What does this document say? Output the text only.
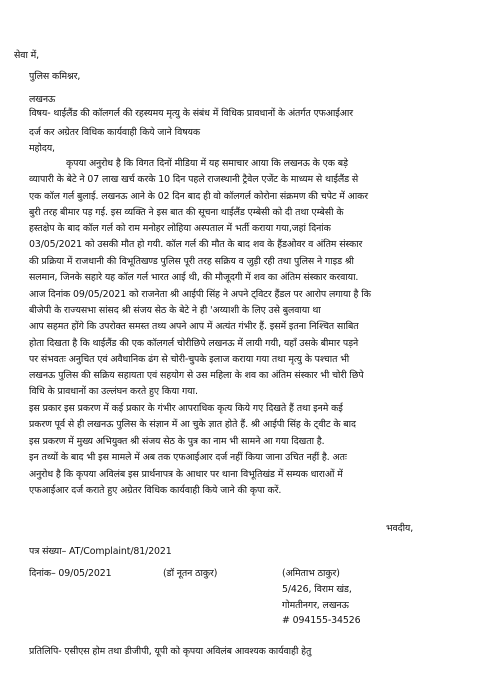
सेवा में,

पुलिस कमिश्नर,

लखनऊ

विषय- थाईलैंड की कॉलगर्ल की रहस्यमय मृत्यु के संबंध में विधिक प्रावधानों के अंतर्गत एफआईआर

दर्ज कर अग्रेतर विधिक कार्यवाही किये जाने विषयक

महोदय,

कृपया अनुरोध है कि विगत दिनों मीडिया में यह समाचार आया कि लखनऊ के एक बड़े

व्यापारी के बेटे ने 07 लाख खर्च करके 10 दिन पहले राजस्थानी ट्रैवेल एजेंट के माध्यम से थाईलैंड से

एक कॉल गर्ल बुलाई. लखनऊ आने के 02 दिन बाद ही वो कॉलगर्ल कोरोना संक्रमण की चपेट में आकर

बुरी तरह बीमार पड़ गई. इस व्यक्ति ने इस बात की सूचना थाईलैंड एम्बेसी को दी तथा एम्बेसी के

हस्तक्षेप के बाद कॉल गर्ल को राम मनोहर लोहिया अस्पताल में भर्ती कराया गया,जहां दिनांक

03/05/2021 को उसकी मौत हो गयी. कॉल गर्ल की मौत के बाद शव के हैंडओवर व अंतिम संस्कार

की प्रक्रिया में राजधानी की विभूतिखण्ड पुलिस पूरी तरह सक्रिय व जुड़ी रही तथा पुलिस ने गाइड श्री

सलमान, जिनके सहारे यह कॉल गर्ल भारत आई थी, की मौजूदगी में शव का अंतिम संस्कार करवाया.

आज दिनांक 09/05/2021 को राजनेता श्री आईपी सिंह ने अपने ट्विटर हैंडल पर आरोप लगाया है कि

बीजेपी के राज्यसभा सांसद श्री संजय सेठ के बेटे ने ही 'अय्याशी के लिए उसे बुलवाया था

आप सहमत होंगे कि उपरोक्त समस्त तथ्य अपने आप में अत्यंत गंभीर हैं. इसमें इतना निश्चित साबित

होता दिखता है कि थाईलैंड की एक कॉलगर्ल चोरीछिपे लखनऊ में लायी गयी, यहाँ उसके बीमार पड़ने

पर संभवतः अनुचित एवं अवैधानिक ढंग से चोरी-चुपके इलाज कराया गया तथा मृत्यु के पश्चात भी

लखनऊ पुलिस की सक्रिय सहायता एवं सहयोग से उस महिला के शव का अंतिम संस्कार भी चोरी छिपे

विधि के प्रावधानों का उल्लंघन करते हुए किया गया.

इस प्रकार इस प्रकरण में कई प्रकार के गंभीर आपराधिक कृत्य किये गए दिखते हैं तथा इनमे कई

प्रकरण पूर्व से ही लखनऊ पुलिस के संज्ञान में आ चुके ज्ञात होते हैं. श्री आईपी सिंह के ट्वीट के बाद

इस प्रकरण में मुख्य अभियुक्त श्री संजय सेठ के पुत्र का नाम भी सामने आ गया दिखता है.

इन तथ्यों के बाद भी इस मामले में अब तक एफआईआर दर्ज नहीं किया जाना उचित नहीं है. अतः

अनुरोध है कि कृपया अविलंब इस प्रार्थनापत्र के आधार पर थाना विभूतिखंड में सम्यक धाराओं में

एफआईआर दर्ज कराते हुए अग्रेतर विधिक कार्यवाही किये जाने की कृपा करें.

भवदीय,

पत्र संख्या– AT/Complaint/81/2021

दिनांक– 09/05/2021	(डॉ नूतन ठाकुर)	(अमिताभ ठाकुर)

5/426, विराम खंड,

गोमतीनगर, लखनऊ

# 094155-34526

प्रतिलिपि- एसीएस होम तथा डीजीपी, यूपी को कृपया अविलंब आवश्यक कार्यवाही हेतु
